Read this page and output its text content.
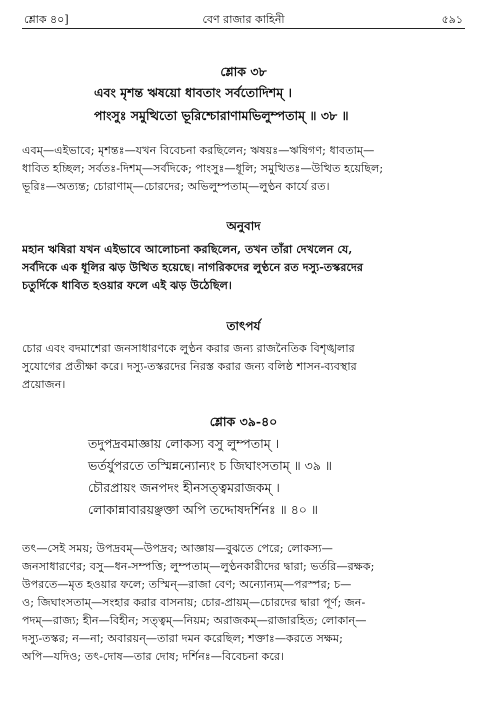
শ্লোক ৪০]	বেণ রাজার কাহিনী	৫৯১
শ্লোক ৩৮
এবং মৃশন্ত ঋষয়ো ধাবতাং সর্বতোদিশম্ ।
পাংসুঃ সমুত্থিতো ভূরিশ্চোরাণামভিলুম্পতাম্ ॥ ৩৮ ॥
এবম্—এইভাবে; মৃশন্তঃ—যখন বিবেচনা করছিলেন; ঋষয়ঃ—ঋষিগণ; ধাবতাম্—
ধাবিত হচ্ছিল; সর্বতঃ-দিশম্—সর্বদিকে; পাংসুঃ—ধূলি; সমুত্থিতঃ—উত্থিত হয়েছিল;
ভূরিঃ—অত্যন্ত; চোরাণাম্—চোরদের; অভিলুম্পতাম্—লুণ্ঠন কার্যে রত।
অনুবাদ
মহান ঋষিরা যখন এইভাবে আলোচনা করছিলেন, তখন তাঁরা দেখলেন যে,
সর্বদিকে এক ধূলির ঝড় উত্থিত হয়েছে। নাগরিকদের লুণ্ঠনে রত দস্যু-তস্করদের
চতুর্দিকে ধাবিত হওয়ার ফলে এই ঝড় উঠেছিল।
তাৎপর্য
চোর এবং বদমাশেরা জনসাধারণকে লুণ্ঠন করার জন্য রাজনৈতিক বিশৃঙ্খলার
সুযোগের প্রতীক্ষা করে। দস্যু-তস্করদের নিরস্ত করার জন্য বলিষ্ঠ শাসন-ব্যবস্থার
প্রয়োজন।
শ্লোক ৩৯-৪০
তদুপদ্রবমাজ্ঞায় লোকস্য বসু লুম্পতাম্ ।
ভর্তর্যুপরতে তস্মিন্নন্যোন্যং চ জিঘাংসতাম্ ॥ ৩৯ ॥
চৌরপ্রায়ং জনপদং হীনসত্ত্বমরাজকম্ ।
লোকান্নাবারয়ঞ্ছক্তা অপি তদ্দোষদর্শিনঃ ॥ ৪০ ॥
তৎ—সেই সময়; উপদ্রবম্—উপদ্রব; আজ্ঞায়—বুঝতে পেরে; লোকস্য—
জনসাধারণের; বসু—ধন-সম্পত্তি; লুম্পতাম্—লুণ্ঠনকারীদের দ্বারা; ভর্তরি—রক্ষক;
উপরতে—মৃত হওয়ার ফলে; তস্মিন্—রাজা বেণ; অন্যোন্যম্—পরস্পর; চ—
ও; জিঘাংসতাম্—সংহার করার বাসনায়; চোর-প্রায়ম্—চোরদের দ্বারা পূর্ণ; জন-
পদম্—রাজ্য; হীন—বিহীন; সত্ত্বম্—নিয়ম; অরাজকম্—রাজারহিত; লোকান্—
দস্যু-তস্কর; ন—না; অবারয়ন্—তারা দমন করেছিল; শক্তাঃ—করতে সক্ষম;
অপি—যদিও; তৎ-দোষ—তার দোষ; দর্শিনঃ—বিবেচনা করে।
